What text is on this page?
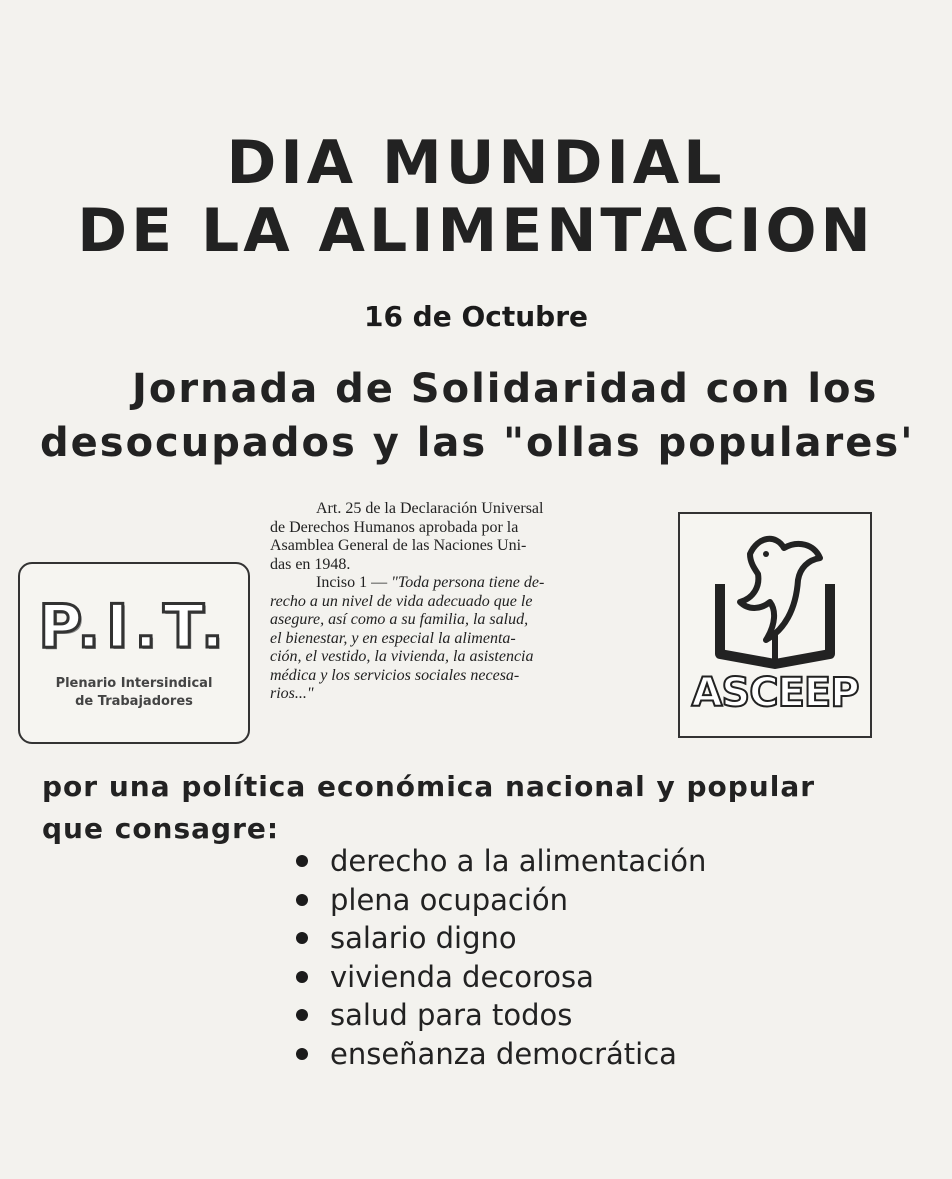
DIA MUNDIAL
DE LA ALIMENTACION
16 de Octubre
Jornada de Solidaridad con los
desocupados y las "ollas populares'
P.I.T.
Plenario Intersindical
de Trabajadores
Art. 25 de la Declaración Universal
de Derechos Humanos aprobada por la
Asamblea General de las Naciones Uni-
das en 1948.
Inciso 1 — "Toda persona tiene de-
recho a un nivel de vida adecuado que le
asegure, así como a su familia, la salud,
el bienestar, y en especial la alimenta-
ción, el vestido, la vivienda, la asistencia
médica y los servicios sociales necesa-
rios..."	ASCEEP
por una política económica nacional y popular
que consagre:
derecho a la alimentación
plena ocupación
salario digno
vivienda decorosa
salud para todos
enseñanza democrática
